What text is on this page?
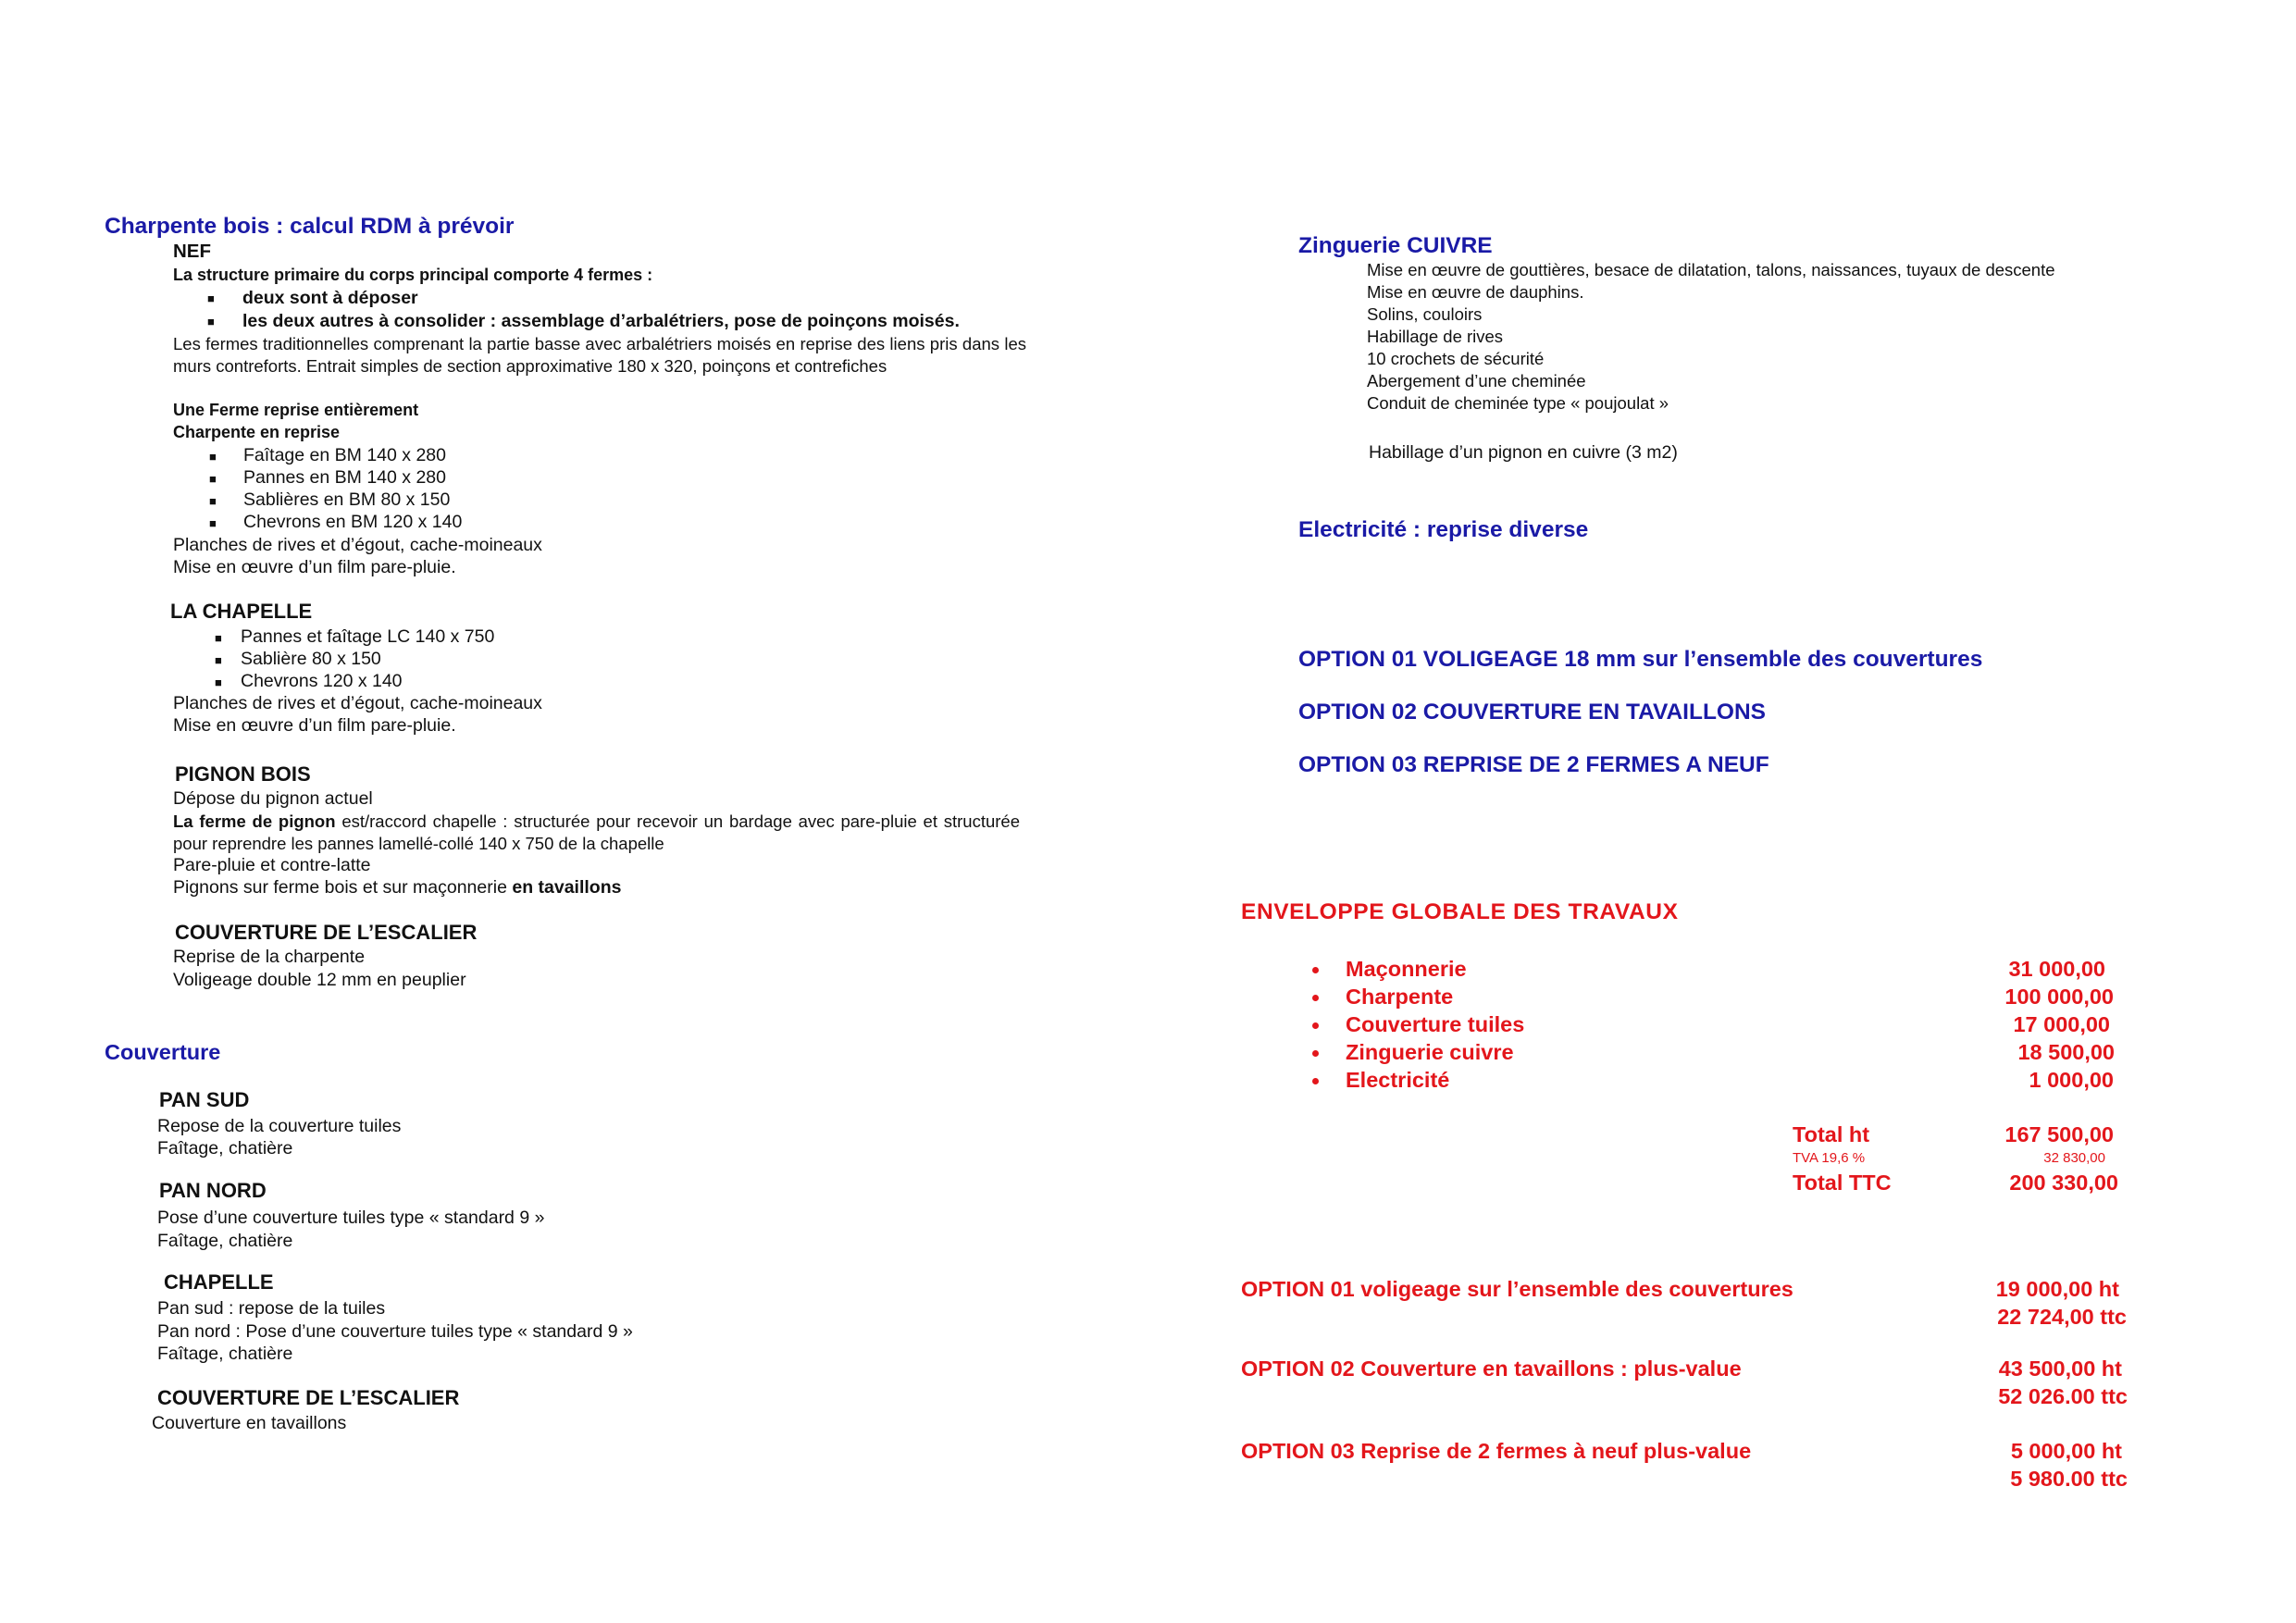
Charpente bois : calcul RDM à prévoir
NEF
La structure primaire du corps principal comporte 4 fermes :
■ deux sont à déposer
■ les deux autres à consolider : assemblage d’arbalétriers, pose de poinçons moisés.
Les fermes traditionnelles comprenant la partie basse avec arbalétriers moisés en reprise des liens pris dans les murs contreforts. Entrait simples de section approximative 180 x 320, poinçons et contrefiches
Une Ferme reprise entièrement
Charpente en reprise
■ Faîtage en BM 140 x 280
■ Pannes en BM 140 x 280
■ Sablières en BM 80 x 150
■ Chevrons en BM 120 x 140
Planches de rives et d’égout, cache-moineaux
Mise en œuvre d’un film pare-pluie.
LA CHAPELLE
■ Pannes et faîtage LC 140 x 750
■ Sablière 80 x 150
■ Chevrons 120 x 140
Planches de rives et d’égout, cache-moineaux
Mise en œuvre d’un film pare-pluie.
PIGNON BOIS
Dépose du pignon actuel
La ferme de pignon est/raccord chapelle : structurée pour recevoir un bardage avec pare-pluie et structurée pour reprendre les pannes lamellé-collé 140 x 750 de la chapelle
Pare-pluie et contre-latte
Pignons sur ferme bois et sur maçonnerie en tavaillons
COUVERTURE DE L’ESCALIER
Reprise de la charpente
Voligeage double 12 mm en peuplier
Couverture
PAN SUD
Repose de la couverture tuiles
Faîtage, chatière
PAN NORD
Pose d’une couverture tuiles type « standard 9 »
Faîtage, chatière
CHAPELLE
Pan sud : repose de la tuiles
Pan nord : Pose d’une couverture tuiles type « standard 9 »
Faîtage, chatière
COUVERTURE DE L’ESCALIER
Couverture en tavaillons
Zinguerie CUIVRE
Mise en œuvre de gouttières, besace de dilatation, talons, naissances, tuyaux de descente
Mise en œuvre de dauphins.
Solins, couloirs
Habillage de rives
10 crochets de sécurité
Abergement d’une cheminée
Conduit de cheminée type « poujoulat »
Habillage d’un pignon en cuivre (3 m2)
Electricité : reprise diverse
OPTION 01 VOLIGEAGE 18 mm sur l’ensemble des couvertures
OPTION 02 COUVERTURE EN TAVAILLONS
OPTION 03 REPRISE DE 2 FERMES A NEUF
ENVELOPPE GLOBALE DES TRAVAUX
Maçonnerie	31 000,00
Charpente	100 000,00
Couverture tuiles	17 000,00
Zinguerie cuivre	18 500,00
Electricité	1 000,00
Total ht	167 500,00
TVA 19,6 %	32 830,00
Total TTC	200 330,00
OPTION 01 voligeage sur l’ensemble des couvertures	19 000,00 ht
22 724,00 ttc
OPTION 02 Couverture en tavaillons : plus-value	43 500,00 ht
52 026.00 ttc
OPTION 03 Reprise de 2 fermes à neuf plus-value	5 000,00 ht
5 980.00 ttc
